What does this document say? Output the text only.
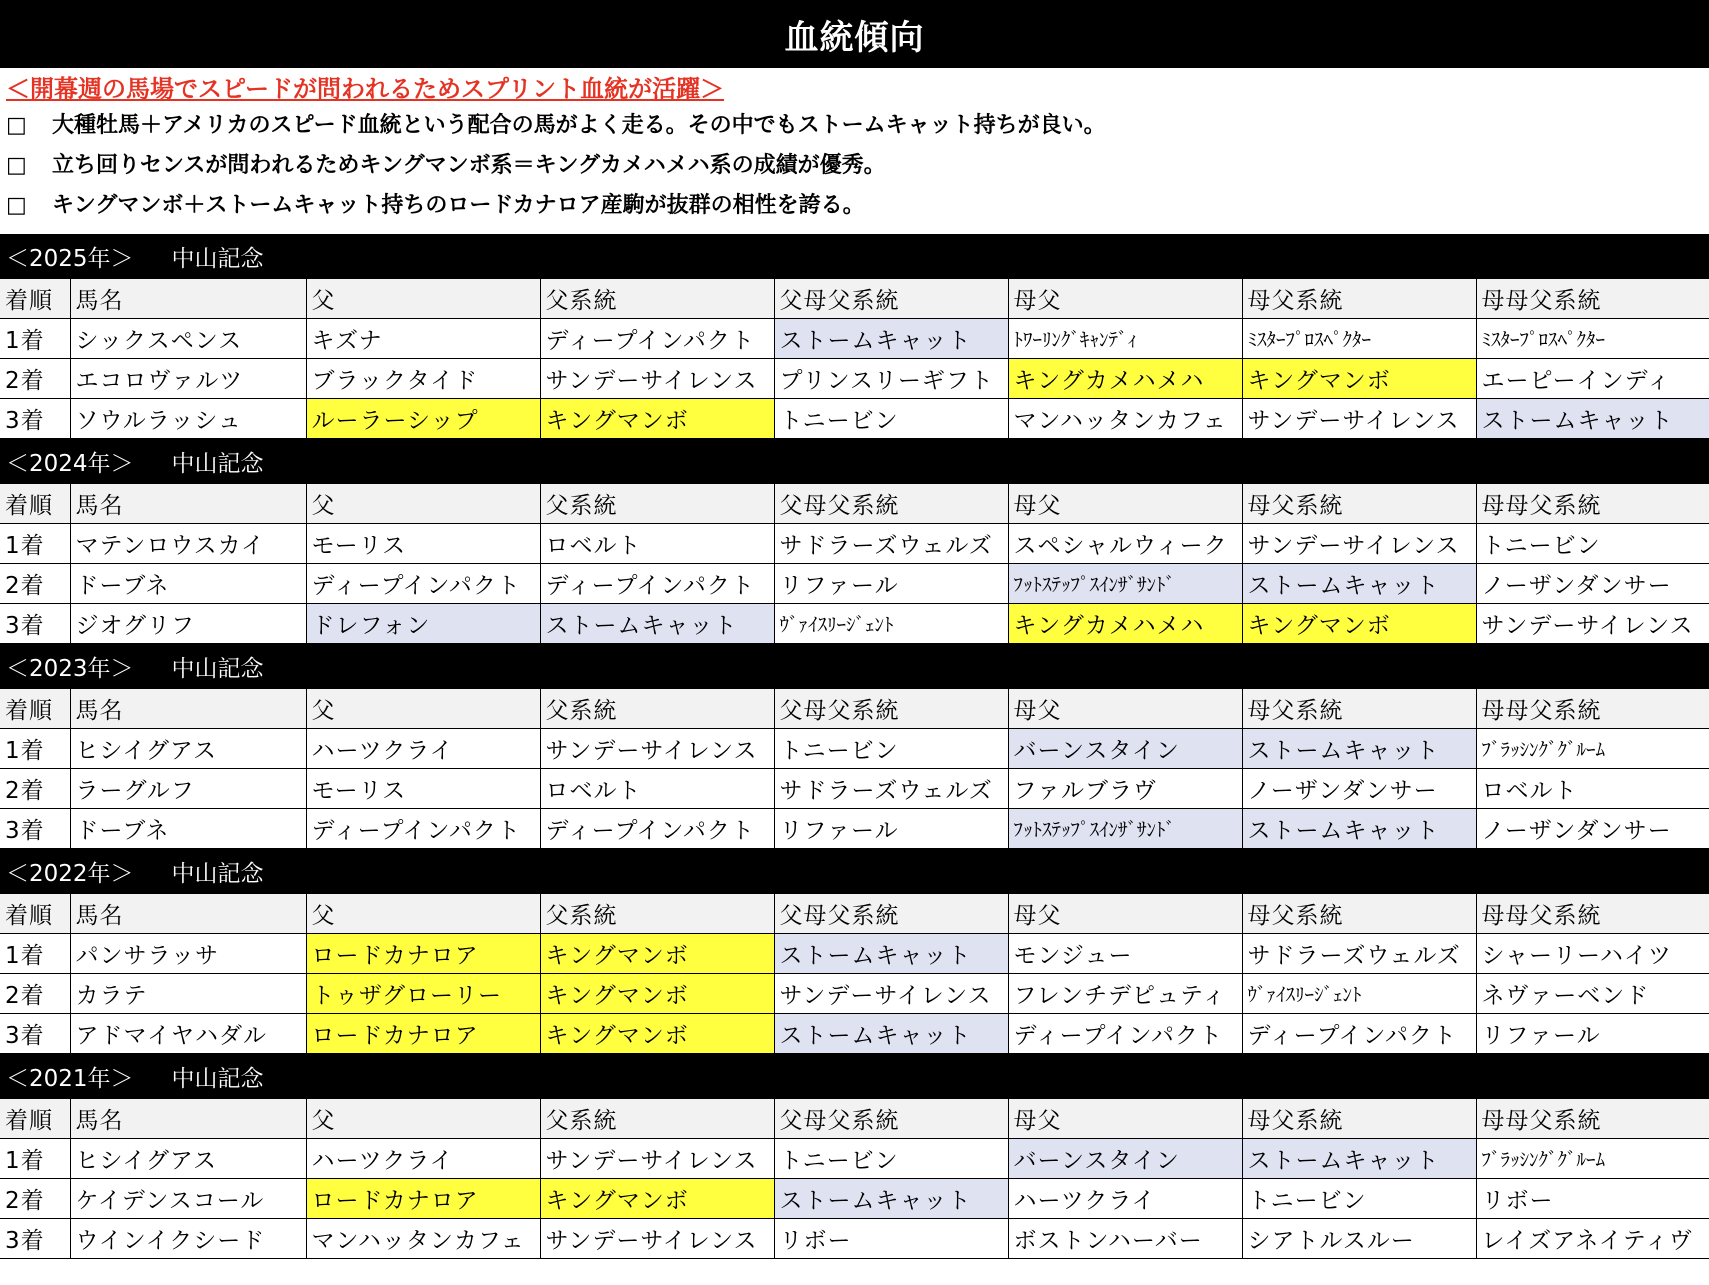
血統傾向
＜開幕週の馬場でスピードが問われるためスプリント血統が活躍＞
□	大種牡馬＋アメリカのスピード血統という配合の馬がよく走る。その中でもストームキャット持ちが良い。
□	立ち回りセンスが問われるためキングマンボ系＝キングカメハメハ系の成績が優秀。
□	キングマンボ＋ストームキャット持ちのロードカナロア産駒が抜群の相性を誇る。
＜2025年＞ 中山記念
着順	馬名	父	父系統	父母父系統	母父	母父系統	母母父系統
1着	シックスペンス	キズナ	ディープインパクト	ストームキャット	ﾄﾜｰﾘﾝｸﾞｷｬﾝﾃﾞｨ	ﾐｽﾀｰﾌﾟﾛｽﾍﾟｸﾀｰ	ﾐｽﾀｰﾌﾟﾛｽﾍﾟｸﾀｰ
2着	エコロヴァルツ	ブラックタイド	サンデーサイレンス	プリンスリーギフト	キングカメハメハ	キングマンボ	エーピーインディ
3着	ソウルラッシュ	ルーラーシップ	キングマンボ	トニービン	マンハッタンカフェ	サンデーサイレンス	ストームキャット
＜2024年＞ 中山記念
着順	馬名	父	父系統	父母父系統	母父	母父系統	母母父系統
1着	マテンロウスカイ	モーリス	ロベルト	サドラーズウェルズ	スペシャルウィーク	サンデーサイレンス	トニービン
2着	ドーブネ	ディープインパクト	ディープインパクト	リファール	ﾌｯﾄｽﾃｯﾌﾟｽｲﾝｻﾞｻﾝﾄﾞ	ストームキャット	ノーザンダンサー
3着	ジオグリフ	ドレフォン	ストームキャット	ｳﾞｧｲｽﾘｰｼﾞｪﾝﾄ	キングカメハメハ	キングマンボ	サンデーサイレンス
＜2023年＞ 中山記念
着順	馬名	父	父系統	父母父系統	母父	母父系統	母母父系統
1着	ヒシイグアス	ハーツクライ	サンデーサイレンス	トニービン	バーンスタイン	ストームキャット	ﾌﾞﾗｯｼﾝｸﾞｸﾞﾙｰﾑ
2着	ラーグルフ	モーリス	ロベルト	サドラーズウェルズ	ファルブラヴ	ノーザンダンサー	ロベルト
3着	ドーブネ	ディープインパクト	ディープインパクト	リファール	ﾌｯﾄｽﾃｯﾌﾟｽｲﾝｻﾞｻﾝﾄﾞ	ストームキャット	ノーザンダンサー
＜2022年＞ 中山記念
着順	馬名	父	父系統	父母父系統	母父	母父系統	母母父系統
1着	パンサラッサ	ロードカナロア	キングマンボ	ストームキャット	モンジュー	サドラーズウェルズ	シャーリーハイツ
2着	カラテ	トゥザグローリー	キングマンボ	サンデーサイレンス	フレンチデピュティ	ｳﾞｧｲｽﾘｰｼﾞｪﾝﾄ	ネヴァーベンド
3着	アドマイヤハダル	ロードカナロア	キングマンボ	ストームキャット	ディープインパクト	ディープインパクト	リファール
＜2021年＞ 中山記念
着順	馬名	父	父系統	父母父系統	母父	母父系統	母母父系統
1着	ヒシイグアス	ハーツクライ	サンデーサイレンス	トニービン	バーンスタイン	ストームキャット	ﾌﾞﾗｯｼﾝｸﾞｸﾞﾙｰﾑ
2着	ケイデンスコール	ロードカナロア	キングマンボ	ストームキャット	ハーツクライ	トニービン	リボー
3着	ウインイクシード	マンハッタンカフェ	サンデーサイレンス	リボー	ボストンハーバー	シアトルスルー	レイズアネイティヴ
